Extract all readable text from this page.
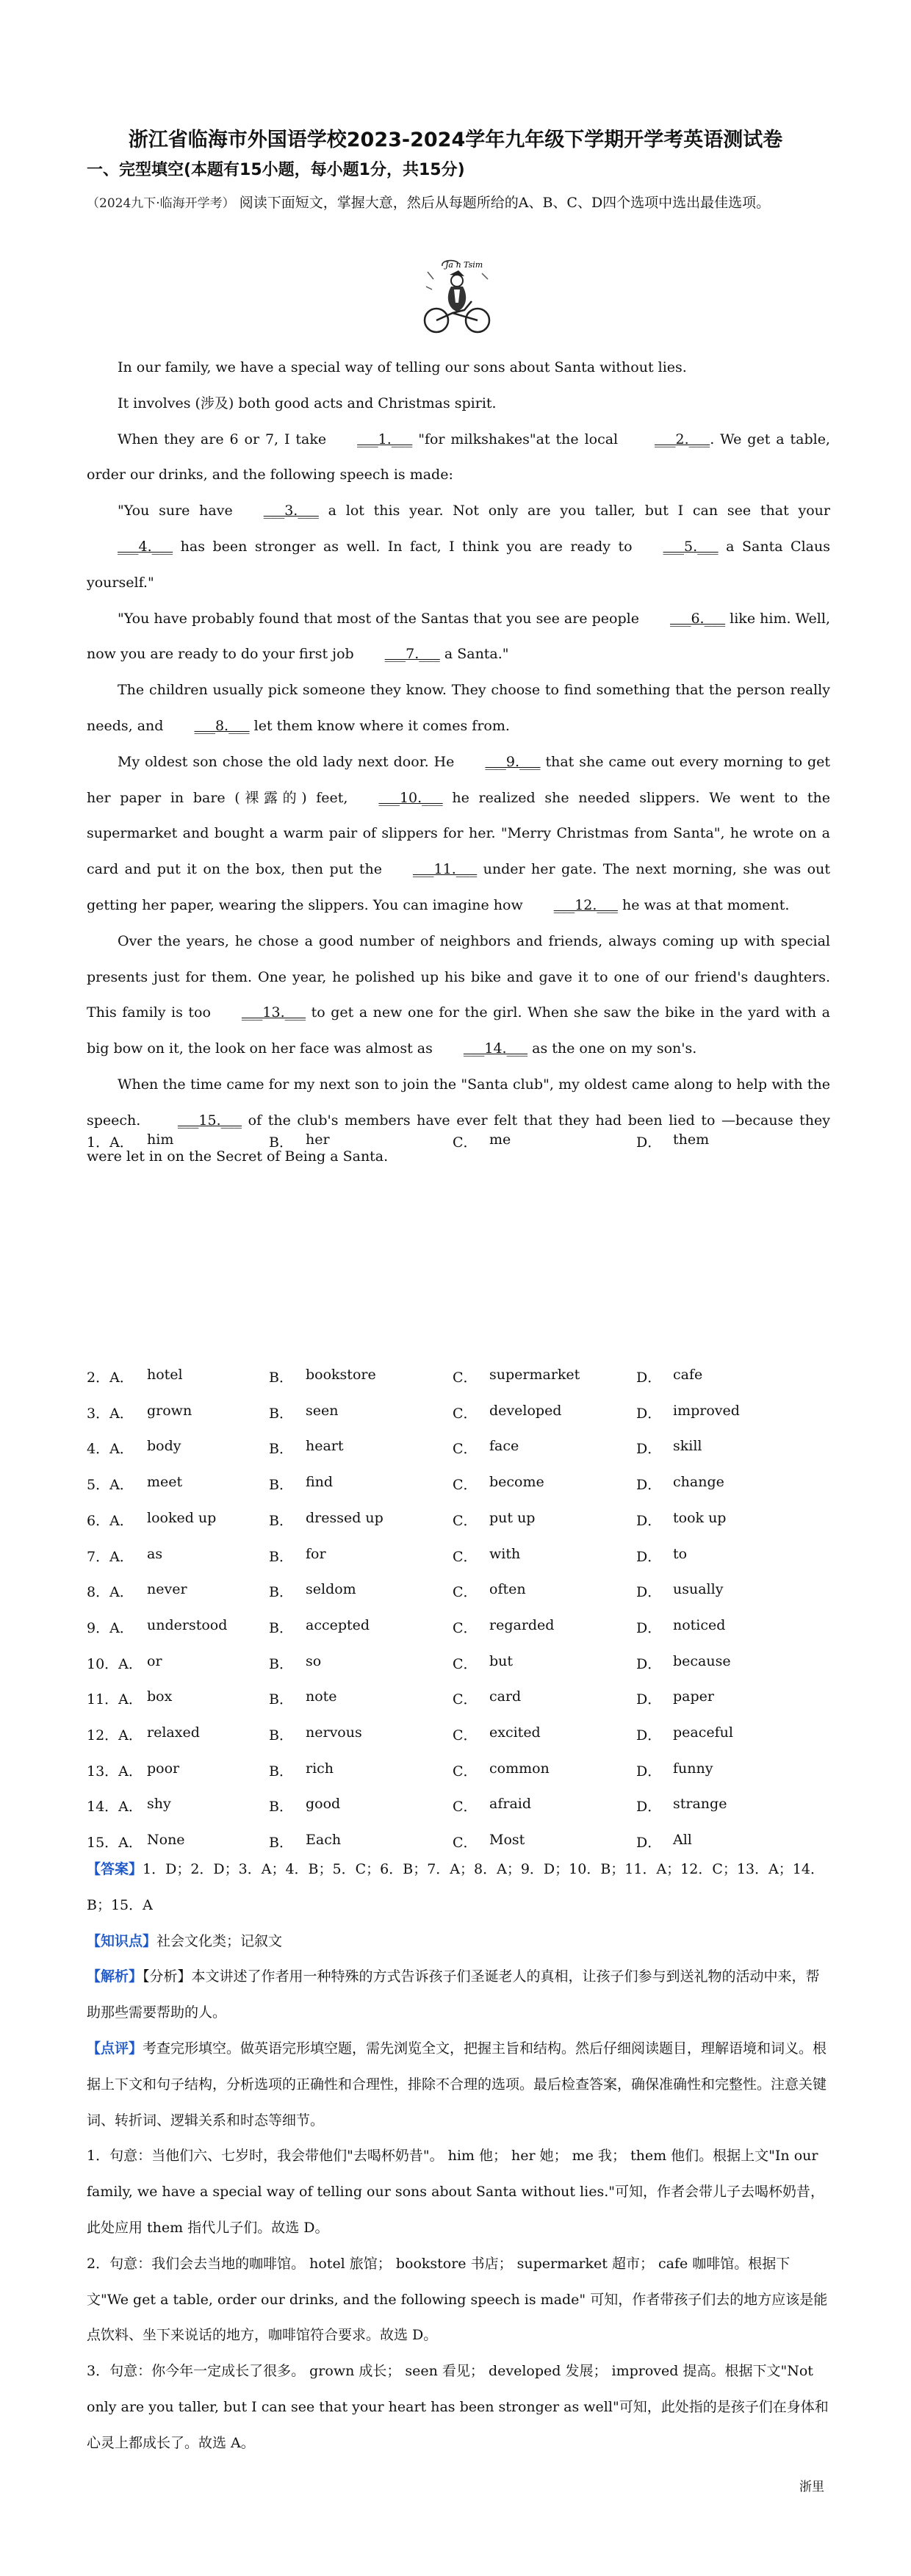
浙江省临海市外国语学校2023-2024学年九年级下学期开学考英语测试卷
一、完型填空(本题有15小题，每小题1分，共15分)
（2024九下·临海开学考） 阅读下面短文，掌握大意，然后从每题所给的A、B、C、D四个选项中选出最佳选项。
Ja n Tsim

In our family, we have a special way of telling our sons about Santa without lies.

It involves (涉及) both good acts and Christmas spirit.

When they are 6 or 7, I take ___1.___ "for milkshakes"at the local ___2.___. We get a table, order our drinks, and the following speech is made:

"You sure have ___3.___ a lot this year. Not only are you taller, but I can see that your___4.___ has been stronger as well. In fact, I think you are ready to ___5.___ a Santa Claus yourself."

"You have probably found that most of the Santas that you see are people ___6.___ like him. Well, now you are ready to do your first job ___7.___ a Santa."

The children usually pick someone they know. They choose to find something that the person really needs, and ___8.___ let them know where it comes from.

My oldest son chose the old lady next door. He ___9.___ that she came out every morning to get her paper in bare (裸露的) feet, ___10.___ he realized she needed slippers. We went to the supermarket and bought a warm pair of slippers for her. "Merry Christmas from Santa", he wrote on a card and put it on the box, then put the ___11.___ under her gate. The next morning, she was out getting her paper, wearing the slippers. You can imagine how ___12.___ he was at that moment.

Over the years, he chose a good number of neighbors and friends, always coming up with special presents just for them. One year, he polished up his bike and gave it to one of our friend's daughters. This family is too ___13.___ to get a new one for the girl. When she saw the bike in the yard with a big bow on it, the look on her face was almost as ___14.___ as the one on my son's.

When the time came for my next son to join the "Santa club", my oldest came along to help with the speech. ___15.___ of the club's members have ever felt that they had been lied to —because they were let in on the Secret of Being a Santa.

1．A． him	B． her	C． me	D． them
2．A． hotel	B． bookstore	C． supermarket	D． cafe
3．A． grown	B． seen	C． developed	D． improved
4．A． body	B． heart	C． face	D． skill
5．A． meet	B． find	C． become	D． change
6．A． looked up	B． dressed up	C． put up	D． took up
7．A． as	B． for	C． with	D． to
8．A． never	B． seldom	C． often	D． usually
9．A． understood	B． accepted	C． regarded	D． noticed
10．A． or	B． so	C． but	D． because
11．A． box	B． note	C． card	D． paper
12．A． relaxed	B． nervous	C． excited	D． peaceful
13．A． poor	B． rich	C． common	D． funny
14．A． shy	B． good	C． afraid	D． strange
15．A． None	B． Each	C． Most	D． All

【答案】1．D；2．D；3．A；4．B；5．C；6．B；7．A；8．A；9．D；10．B；11．A；12．C；13．A；14．B；15．A

【知识点】社会文化类；记叙文

【解析】【分析】本文讲述了作者用一种特殊的方式告诉孩子们圣诞老人的真相，让孩子们参与到送礼物的活动中来，帮助那些需要帮助的人。

【点评】考查完形填空。做英语完形填空题，需先浏览全文，把握主旨和结构。然后仔细阅读题目，理解语境和词义。根据上下文和句子结构，分析选项的正确性和合理性，排除不合理的选项。最后检查答案，确保准确性和完整性。注意关键词、转折词、逻辑关系和时态等细节。

1．句意：当他们六、七岁时，我会带他们"去喝杯奶昔"。 him 他； her 她； me 我； them 他们。根据上文"In our family, we have a special way of telling our sons about Santa without lies."可知，作者会带儿子去喝杯奶昔，此处应用 them 指代儿子们。故选 D。

2．句意：我们会去当地的咖啡馆。 hotel 旅馆； bookstore 书店； supermarket 超市； cafe 咖啡馆。根据下文"We get a table, order our drinks, and the following speech is made" 可知，作者带孩子们去的地方应该是能点饮料、坐下来说话的地方，咖啡馆符合要求。故选 D。

3．句意：你今年一定成长了很多。 grown 成长； seen 看见； developed 发展； improved 提高。根据下文"Not only are you taller, but I can see that your heart has been stronger as well"可知，此处指的是孩子们在身体和心灵上都成长了。故选 A。

浙里
